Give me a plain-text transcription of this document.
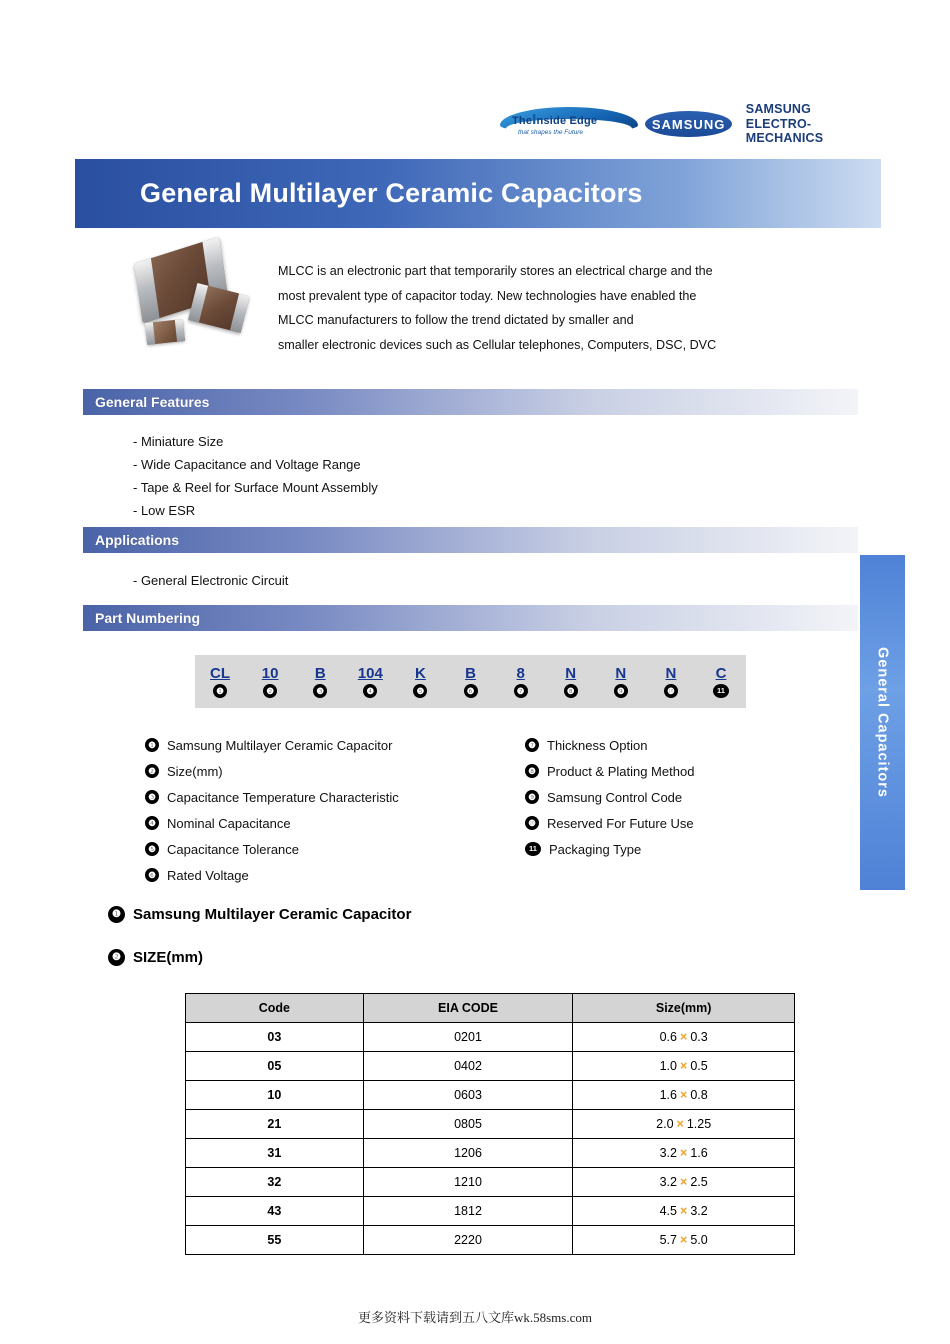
TheInside Edge
that shapes the Future
SAMSUNG
SAMSUNG
ELECTRO-MECHANICS
General Multilayer Ceramic Capacitors
MLCC is an electronic part that temporarily stores an electrical charge and the
most prevalent type of capacitor today. New technologies have enabled the
MLCC manufacturers to follow the trend dictated by smaller and
smaller electronic devices such as Cellular telephones, Computers, DSC, DVC
General Features
- Miniature Size
- Wide Capacitance and Voltage Range
- Tape & Reel for Surface Mount Assembly
- Low ESR
Applications
- General Electronic Circuit
Part Numbering
General Capacitors
CL
❶
10
❷
B
❸
104
❹
K
❺
B
❻
8
❼
N
❽
N
❾
N
❿
C
11
❶ Samsung Multilayer Ceramic Capacitor
❷ Size(mm)
❸ Capacitance Temperature Characteristic
❹ Nominal Capacitance
❺ Capacitance Tolerance
❻ Rated Voltage
❼ Thickness Option
❽ Product & Plating Method
❾ Samsung Control Code
❿ Reserved For Future Use
11 Packaging Type
❶ Samsung Multilayer Ceramic Capacitor
❷ SIZE(mm)
Code	EIA CODE	Size(mm)
03	0201	0.6 × 0.3
05	0402	1.0 × 0.5
10	0603	1.6 × 0.8
21	0805	2.0 × 1.25
31	1206	3.2 × 1.6
32	1210	3.2 × 2.5
43	1812	4.5 × 3.2
55	2220	5.7 × 5.0
更多资料下载请到五八文库wk.58sms.com
